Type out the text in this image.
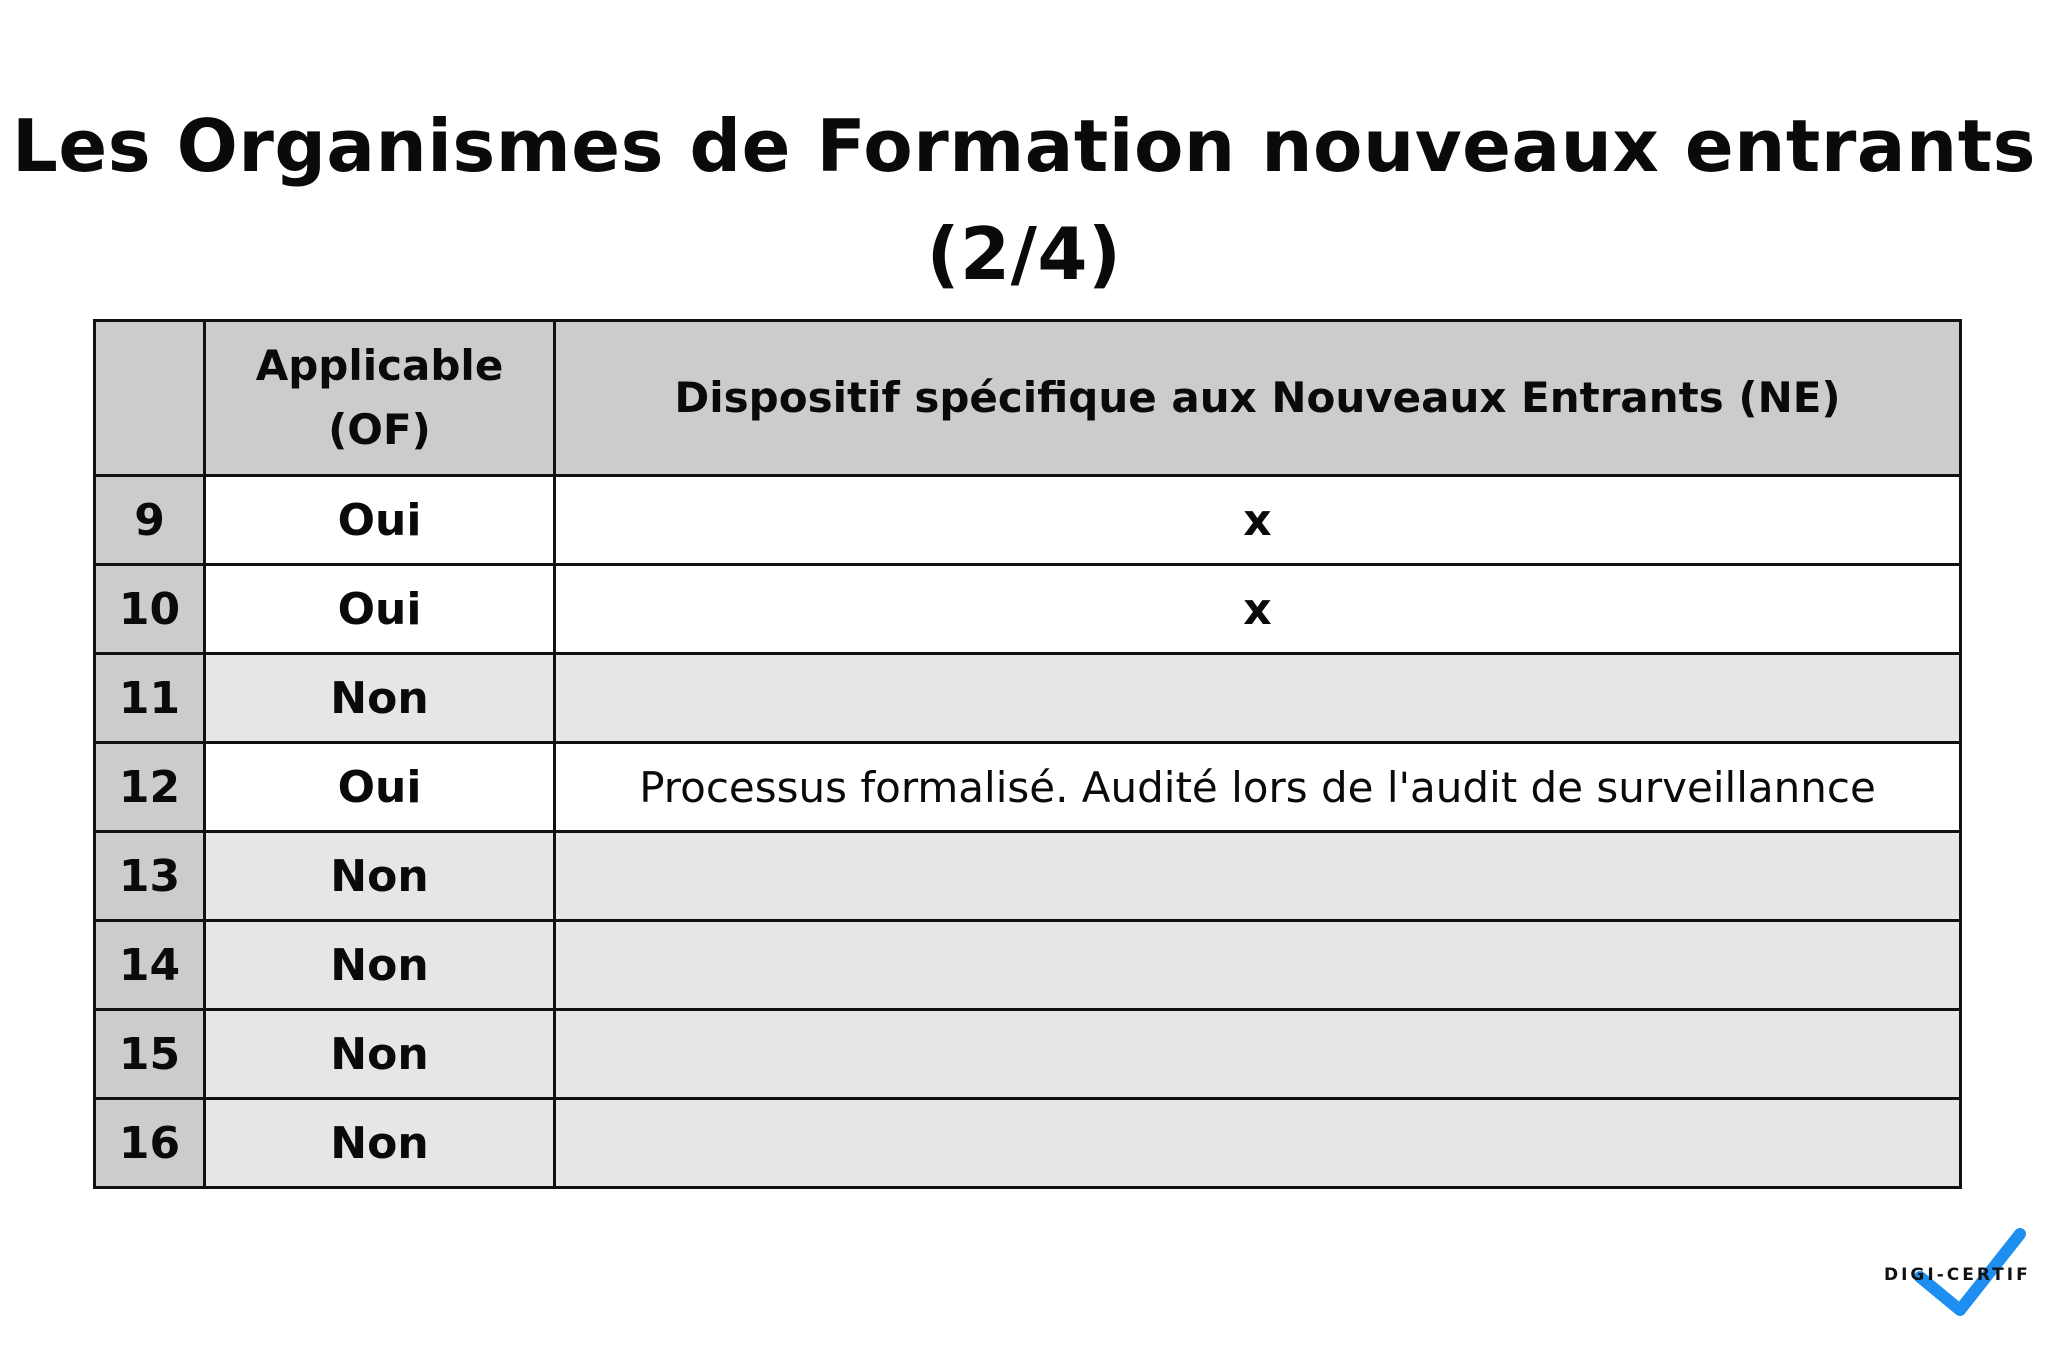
Les Organismes de Formation nouveaux entrants
(2/4)
	Applicable (OF)	Dispositif spécifique aux Nouveaux Entrants (NE)
9	Oui	x
10	Oui	x
11	Non	
12	Oui	Processus formalisé. Audité lors de l'audit de surveillannce
13	Non	
14	Non	
15	Non	
16	Non	
DIGI-CERTIF
